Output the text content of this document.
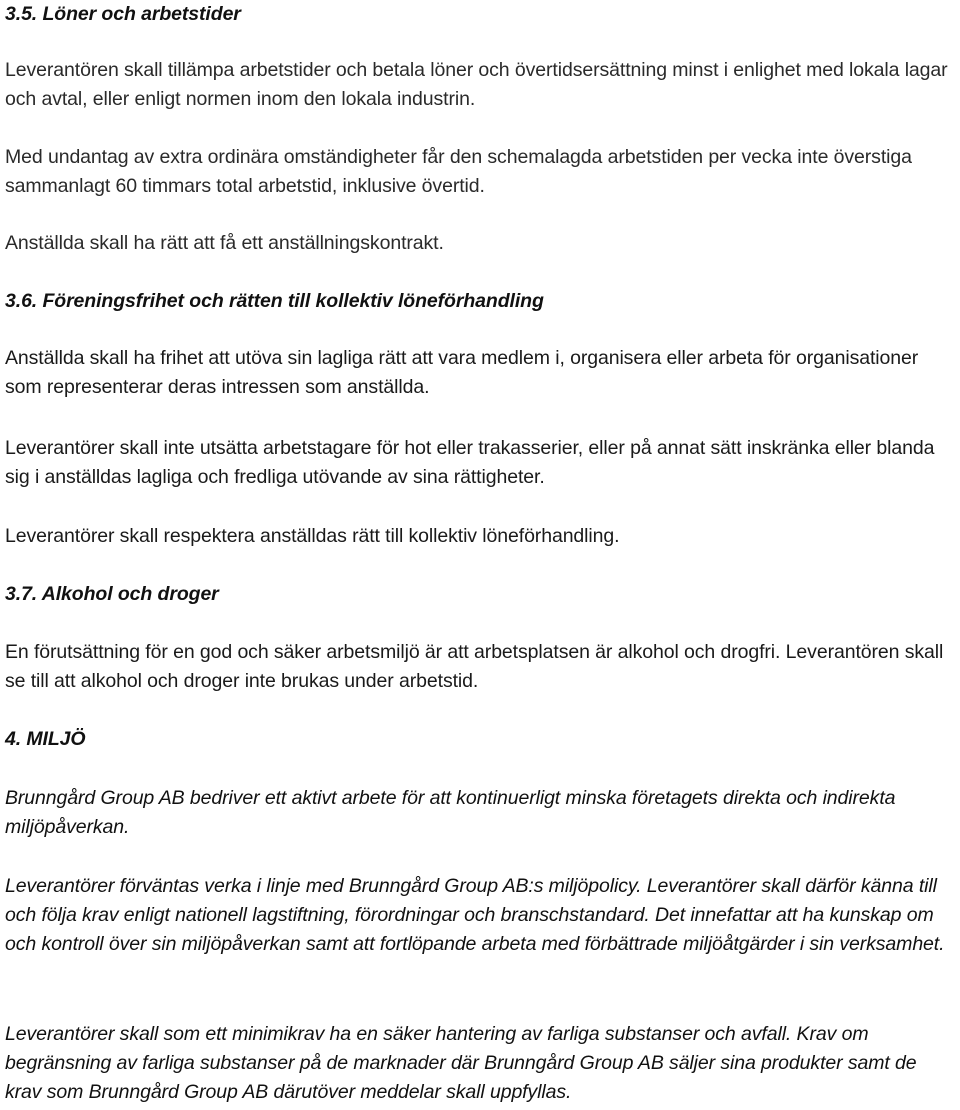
3.5. Löner och arbetstider

Leverantören skall tillämpa arbetstider och betala löner och övertidsersättning minst i enlighet med lokala lagar och avtal, eller enligt normen inom den lokala industrin.

Med undantag av extra ordinära omständigheter får den schemalagda arbetstiden per vecka inte överstiga sammanlagt 60 timmars total arbetstid, inklusive övertid.

Anställda skall ha rätt att få ett anställningskontrakt.

3.6. Föreningsfrihet och rätten till kollektiv löneförhandling

Anställda skall ha frihet att utöva sin lagliga rätt att vara medlem i, organisera eller arbeta för organisationer som representerar deras intressen som anställda.

Leverantörer skall inte utsätta arbetstagare för hot eller trakasserier, eller på annat sätt inskränka eller blanda sig i anställdas lagliga och fredliga utövande av sina rättigheter.

Leverantörer skall respektera anställdas rätt till kollektiv löneförhandling.

3.7. Alkohol och droger

En förutsättning för en god och säker arbetsmiljö är att arbetsplatsen är alkohol och drogfri. Leverantören skall se till att alkohol och droger inte brukas under arbetstid.

4. MILJÖ

Brunngård Group AB bedriver ett aktivt arbete för att kontinuerligt minska företagets direkta och indirekta miljöpåverkan.

Leverantörer förväntas verka i linje med Brunngård Group AB:s miljöpolicy. Leverantörer skall därför känna till och följa krav enligt nationell lagstiftning, förordningar och branschstandard. Det innefattar att ha kunskap om och kontroll över sin miljöpåverkan samt att fortlöpande arbeta med förbättrade miljöåtgärder i sin verksamhet.

Leverantörer skall som ett minimikrav ha en säker hantering av farliga substanser och avfall. Krav om begränsning av farliga substanser på de marknader där Brunngård Group AB säljer sina produkter samt de krav som Brunngård Group AB därutöver meddelar skall uppfyllas.
